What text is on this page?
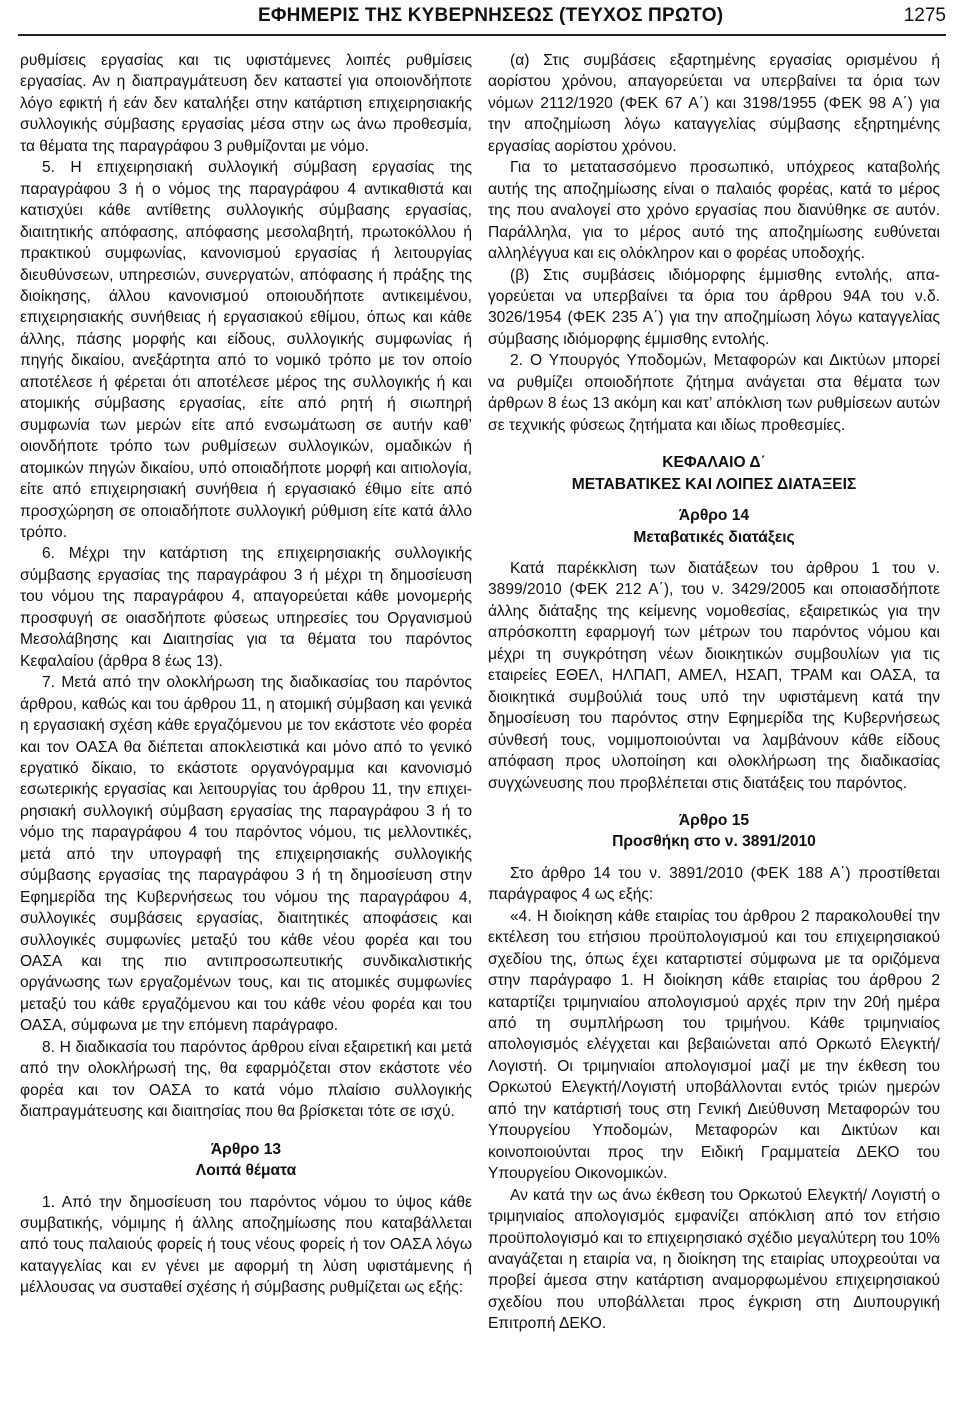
ΕΦΗΜΕΡΙΣ ΤΗΣ ΚΥΒΕΡΝΗΣΕΩΣ (ΤΕΥΧΟΣ ΠΡΩΤΟ)	1275

ρυθμίσεις εργασίας και τις υφιστάμενες λοιπές ρυθμίσεις εργασίας. Αν η διαπραγμάτευση δεν καταστεί για οποιονδήποτε λόγο εφικτή ή εάν δεν καταλήξει στην κατάρτιση επιχειρησιακής συλλογικής σύμβασης εργασίας μέσα στην ως άνω προθεσμία, τα θέματα της παραγράφου 3 ρυθμίζονται με νόμο.

5. Η επιχειρησιακή συλλογική σύμβαση εργασίας της παραγράφου 3 ή ο νόμος της παραγράφου 4 αντικαθιστά και κατισχύει κάθε αντίθετης συλλογικής σύμβασης εργασίας, διαιτητικής απόφασης, απόφασης μεσολαβητή, πρωτοκόλλου ή πρακτικού συμφωνίας, κανονισμού εργασίας ή λειτουργίας διευθύνσεων, υπηρεσιών, συνεργατών, απόφασης ή πράξης της διοίκησης, άλλου κανονισμού οποιουδήποτε αντικειμένου, επιχειρησιακής συνήθειας ή εργασιακού εθίμου, όπως και κάθε άλλης, πάσης μορφής και είδους, συλλογικής συμφωνίας ή πηγής δικαίου, ανεξάρτητα από το νομικό τρόπο με τον οποίο αποτέλεσε ή φέρεται ότι αποτέλεσε μέρος της συλλογικής ή και ατομικής σύμβασης εργασίας, είτε από ρητή ή σιωπηρή συμφωνία των μερών είτε από ενσωμάτωση σε αυτήν καθ’ οιονδήποτε τρόπο των ρυθμίσεων συλλογικών, ομαδικών ή ατομικών πηγών δικαίου, υπό οποιαδήποτε μορφή και αιτιολογία, είτε από επιχειρησιακή συνήθεια ή εργασιακό έθιμο είτε από προσχώρηση σε οποιαδήποτε συλλογική ρύθμιση είτε κατά άλλο τρόπο.

6. Μέχρι την κατάρτιση της επιχειρησιακής συλλογικής σύμβασης εργασίας της παραγράφου 3 ή μέχρι τη δημοσίευση του νόμου της παραγράφου 4, απαγορεύεται κάθε μονομερής προσφυγή σε οιασδήποτε φύσεως υπηρεσίες του Οργανισμού Μεσολάβησης και Διαιτησίας για τα θέματα του παρόντος Κεφαλαίου (άρθρα 8 έως 13).

7. Μετά από την ολοκλήρωση της διαδικασίας του παρόντος άρθρου, καθώς και του άρθρου 11, η ατομική σύμβαση και γενικά η εργασιακή σχέση κάθε εργαζόμενου με τον εκάστοτε νέο φορέα και τον ΟΑΣΑ θα διέπεται αποκλειστικά και μόνο από το γενικό εργατικό δίκαιο, το εκάστοτε οργανόγραμμα και κανονισμό εσωτερικής εργασίας και λειτουργίας του άρθρου 11, την επιχειρησιακή συλλογική σύμβαση εργασίας της παραγράφου 3 ή το νόμο της παραγράφου 4 του παρόντος νόμου, τις μελλοντικές, μετά από την υπογραφή της επιχειρησιακής συλλογικής σύμβασης εργασίας της παραγράφου 3 ή τη δημοσίευση στην Εφημερίδα της Κυβερνήσεως του νόμου της παραγράφου 4, συλλογικές συμβάσεις εργασίας, διαιτητικές αποφάσεις και συλλογικές συμφωνίες μεταξύ του κάθε νέου φορέα και του ΟΑΣΑ και της πιο αντιπροσωπευτικής συνδικαλιστικής οργάνωσης των εργαζομένων τους, και τις ατομικές συμφωνίες μεταξύ του κάθε εργαζόμενου και του κάθε νέου φορέα και του ΟΑΣΑ, σύμφωνα με την επόμενη παράγραφο.

8. Η διαδικασία του παρόντος άρθρου είναι εξαιρετική και μετά από την ολοκλήρωσή της, θα εφαρμόζεται στον εκάστοτε νέο φορέα και τον ΟΑΣΑ το κατά νόμο πλαίσιο συλλογικής διαπραγμάτευσης και διαιτησίας που θα βρίσκεται τότε σε ισχύ.

Άρθρο 13

Λοιπά θέματα

1. Από την δημοσίευση του παρόντος νόμου το ύψος κάθε συμβατικής, νόμιμης ή άλλης αποζημίωσης που καταβάλλεται από τους παλαιούς φορείς ή τους νέους φορείς ή τον ΟΑΣΑ λόγω καταγγελίας και εν γένει με αφορμή τη λύση υφιστάμενης ή μέλλουσας να συσταθεί σχέσης ή σύμβασης ρυθμίζεται ως εξής:

(α) Στις συμβάσεις εξαρτημένης εργασίας ορισμένου ή αορίστου χρόνου, απαγορεύεται να υπερβαίνει τα όρια των νόμων 2112/1920 (ΦΕΚ 67 Α΄) και 3198/1955 (ΦΕΚ 98 Α΄) για την αποζημίωση λόγω καταγγελίας σύμβασης εξηρτημένης εργασίας αορίστου χρόνου.

Για το μετατασσόμενο προσωπικό, υπόχρεος καταβολής αυτής της αποζημίωσης είναι ο παλαιός φορέας, κατά το μέρος της που αναλογεί στο χρόνο εργασίας που διανύθηκε σε αυτόν. Παράλληλα, για το μέρος αυτό της αποζημίωσης ευθύνεται αλληλέγγυα και εις ολόκληρον και ο φορέας υποδοχής.

(β) Στις συμβάσεις ιδιόμορφης έμμισθης εντολής, απαγορεύεται να υπερβαίνει τα όρια του άρθρου 94Α του ν.δ. 3026/1954 (ΦΕΚ 235 Α΄) για την αποζημίωση λόγω καταγγελίας σύμβασης ιδιόμορφης έμμισθης εντολής.

2. Ο Υπουργός Υποδομών, Μεταφορών και Δικτύων μπορεί να ρυθμίζει οποιοδήποτε ζήτημα ανάγεται στα θέματα των άρθρων 8 έως 13 ακόμη και κατ’ απόκλιση των ρυθμίσεων αυτών σε τεχνικής φύσεως ζητήματα και ιδίως προθεσμίες.

ΚΕΦΑΛΑΙΟ Δ΄

ΜΕΤΑΒΑΤΙΚΕΣ ΚΑΙ ΛΟΙΠΕΣ ΔΙΑΤΑΞΕΙΣ

Άρθρο 14

Μεταβατικές διατάξεις

Κατά παρέκκλιση των διατάξεων του άρθρου 1 του ν. 3899/2010 (ΦΕΚ 212 Α΄), του ν. 3429/2005 και οποιασδήποτε άλλης διάταξης της κείμενης νομοθεσίας, εξαιρετικώς για την απρόσκοπτη εφαρμογή των μέτρων του παρόντος νόμου και μέχρι τη συγκρότηση νέων διοικητικών συμβουλίων για τις εταιρείες ΕΘΕΛ, ΗΛΠΑΠ, ΑΜΕΛ, ΗΣΑΠ, ΤΡΑΜ και ΟΑΣΑ, τα διοικητικά συμβούλιά τους υπό την υφιστάμενη κατά την δημοσίευση του παρόντος στην Εφημερίδα της Κυβερνήσεως σύνθεσή τους, νομιμοποιούνται να λαμβάνουν κάθε είδους απόφαση προς υλοποίηση και ολοκλήρωση της διαδικασίας συγχώνευσης που προβλέπεται στις διατάξεις του παρόντος.

Άρθρο 15

Προσθήκη στο ν. 3891/2010

Στο άρθρο 14 του ν. 3891/2010 (ΦΕΚ 188 Α΄) προστίθεται παράγραφος 4 ως εξής:

«4. Η διοίκηση κάθε εταιρίας του άρθρου 2 παρακολουθεί την εκτέλεση του ετήσιου προϋπολογισμού και του επιχειρησιακού σχεδίου της, όπως έχει καταρτιστεί σύμφωνα με τα οριζόμενα στην παράγραφο 1. Η διοίκηση κάθε εταιρίας του άρθρου 2 καταρτίζει τριμηνιαίου απολογισμού αρχές πριν την 20ή ημέρα από τη συμπλήρωση του τριμήνου. Κάθε τριμηνιαίος απολογισμός ελέγχεται και βεβαιώνεται από Ορκωτό Ελεγκτή/Λογιστή. Οι τριμηνιαίοι απολογισμοί μαζί με την έκθεση του Ορκωτού Ελεγκτή/Λογιστή υποβάλλονται εντός τριών ημερών από την κατάρτισή τους στη Γενική Διεύθυνση Μεταφορών του Υπουργείου Υποδομών, Μεταφορών και Δικτύων και κοινοποιούνται προς την Ειδική Γραμματεία ΔΕΚΟ του Υπουργείου Οικονομικών.

Αν κατά την ως άνω έκθεση του Ορκωτού Ελεγκτή/ Λογιστή ο τριμηνιαίος απολογισμός εμφανίζει απόκλιση από τον ετήσιο προϋπολογισμό και το επιχειρησιακό σχέδιο μεγαλύτερη του 10% αναγάζεται η εταιρία να, η διοίκηση της εταιρίας υποχρεούται να προβεί άμεσα στην κατάρτιση αναμορφωμένου επιχειρησιακού σχεδίου που υποβάλλεται προς έγκριση στη Διυπουργική Επιτροπή ΔΕΚΟ.
